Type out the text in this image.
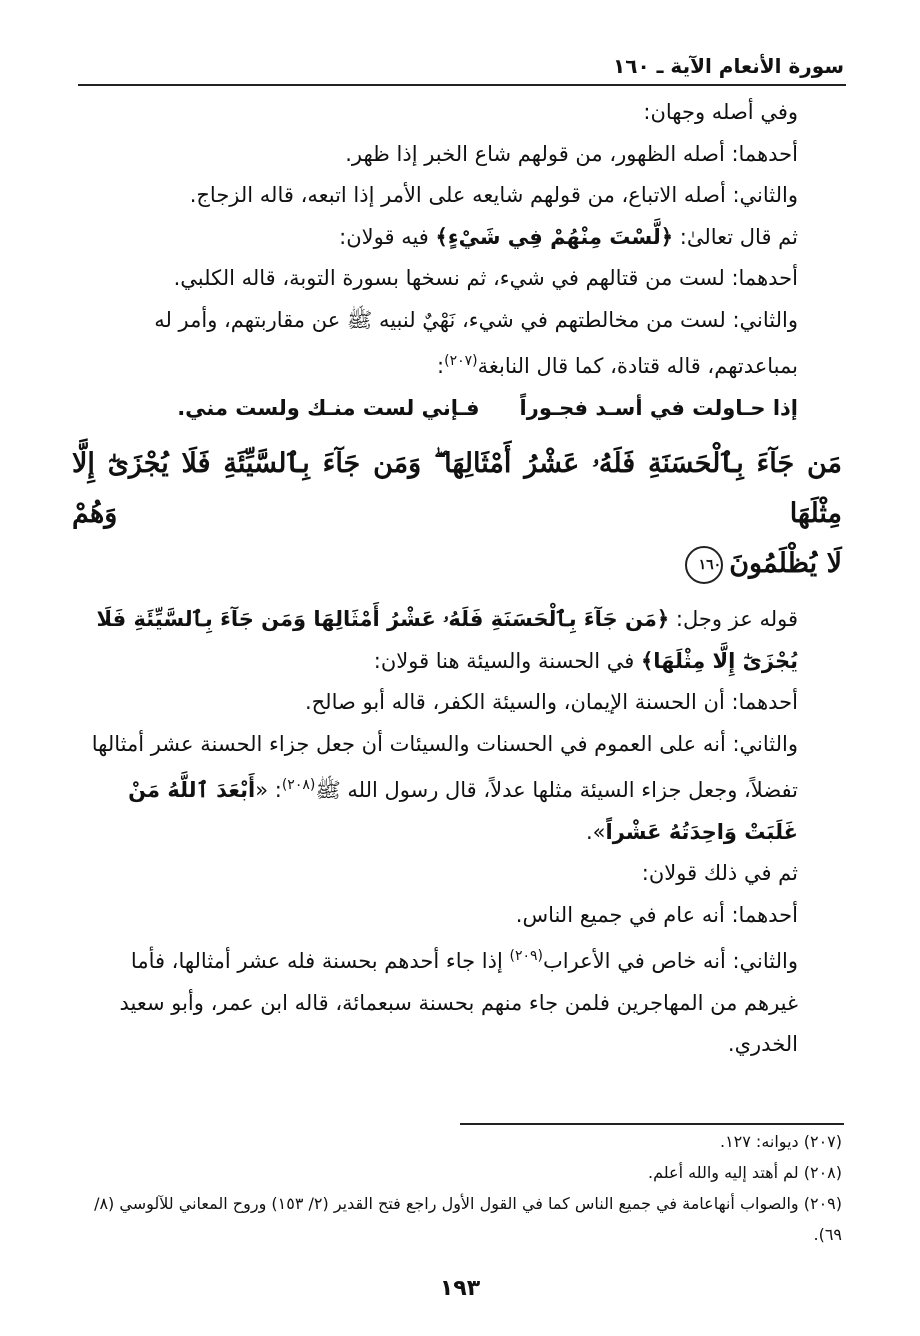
سورة الأنعام الآية ـ ١٦٠

وفي أصله وجهان:

أحدهما: أصله الظهور، من قولهم شاع الخبر إذا ظهر.

والثاني: أصله الاتباع، من قولهم شايعه على الأمر إذا اتبعه، قاله الزجاج.

ثم قال تعالىٰ: ﴿لَّسْتَ مِنْهُمْ فِي شَيْءٍ﴾ فيه قولان:

أحدهما: لست من قتالهم في شيء، ثم نسخها بسورة التوبة، قاله الكلبي.

والثاني: لست من مخالطتهم في شيء، نَهْيٌ لنبيه ﷺ عن مقاربتهم، وأمر له بمباعدتهم، قاله قتادة، كما قال النابغة$^{(٢٠٧)}$:

إذا حـاولت في أسـد فجـوراً
فـإني لست منـك ولست مني.

مَن جَآءَ بِٱلْحَسَنَةِ فَلَهُۥ عَشْرُ أَمْثَالِهَا ۖ وَمَن جَآءَ بِٱلسَّيِّئَةِ فَلَا يُجْزَىٰٓ إِلَّا مِثْلَهَا وَهُمْ

لَا يُظْلَمُونَ١٦٠

قوله عز وجل: ﴿مَن جَآءَ بِٱلْحَسَنَةِ فَلَهُۥ عَشْرُ أَمْثَالِهَا وَمَن جَآءَ بِٱلسَّيِّئَةِ فَلَا يُجْزَىٰٓ إِلَّا مِثْلَهَا﴾ في الحسنة والسيئة هنا قولان:

أحدهما: أن الحسنة الإيمان، والسيئة الكفر، قاله أبو صالح.

والثاني: أنه على العموم في الحسنات والسيئات أن جعل جزاء الحسنة عشر أمثالها تفضلاً، وجعل جزاء السيئة مثلها عدلاً، قال رسول الله ﷺ$^{(٢٠٨)}$: «أَبْعَدَ ٱللَّهُ مَنْ غَلَبَتْ وَاحِدَتُهُ عَشْراً».

ثم في ذلك قولان:

أحدهما: أنه عام في جميع الناس.

والثاني: أنه خاص في الأعراب$^{(٢٠٩)}$ إذا جاء أحدهم بحسنة فله عشر أمثالها، فأما غيرهم من المهاجرين فلمن جاء منهم بحسنة سبعمائة، قاله ابن عمر، وأبو سعيد الخدري.

(٢٠٧) ديوانه: ١٢٧.

(٢٠٨) لم أهتد إليه والله أعلم.

(٢٠٩) والصواب أنهاعامة في جميع الناس كما في القول الأول راجع فتح القدير (٢/ ١٥٣) وروح المعاني للآلوسي (٨/ ٦٩).

١٩٣
